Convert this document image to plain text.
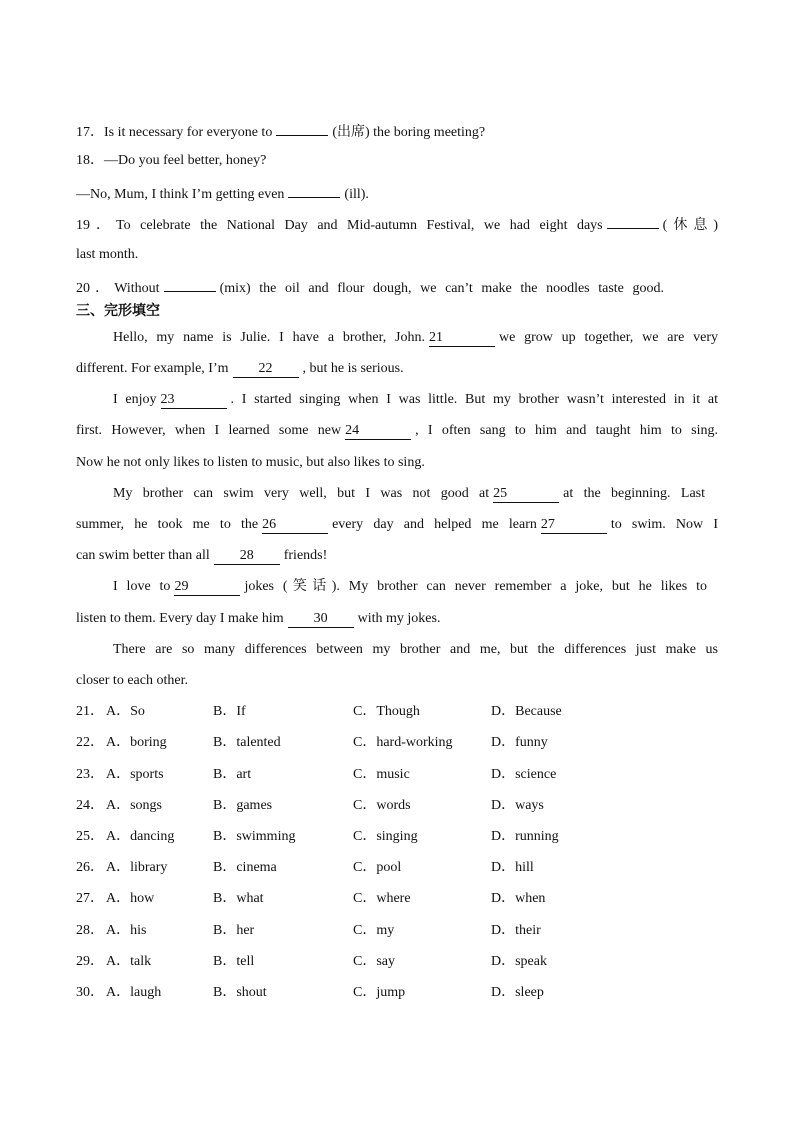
17．Is it necessary for everyone to	(出席) the boring meeting?
18．—Do you feel better, honey?
—No, Mum, I think I’m getting even	(ill).
19．To celebrate the National Day and Mid-autumn Festival, we had eight days	(休息)
last month.
20．Without	(mix) the oil and flour dough, we can’t make the noodles taste good.
三、完形填空
Hello, my name is Julie. I have a brother, John. 21	we grow up together, we are very
different. For example, I’m 22 , but he is serious.
I enjoy 23	. I started singing when I was little. But my brother wasn’t interested in it at
first. However, when I learned some new 24	, I often sang to him and taught him to sing.
Now he not only likes to listen to music, but also likes to sing.
My brother can swim very well, but I was not good at 25	at the beginning. Last
summer, he took me to the 26	every day and helped me learn 27	to swim. Now I
can swim better than all 28 friends!
I love to 29	jokes (笑话). My brother can never remember a joke, but he likes to
listen to them. Every day I make him 30 with my jokes.
There are so many differences between my brother and me, but the differences just make us
closer to each other.
21． A．So	B．If	C．Though	D．Because
22． A．boring	B．talented	C．hard-working	D．funny
23． A．sports	B．art	C．music	D．science
24． A．songs	B．games	C．words	D．ways
25． A．dancing	B．swimming	C．singing	D．running
26． A．library	B．cinema	C．pool	D．hill
27． A．how	B．what	C．where	D．when
28． A．his	B．her	C．my	D．their
29． A．talk	B．tell	C．say	D．speak
30． A．laugh	B．shout	C．jump	D．sleep
